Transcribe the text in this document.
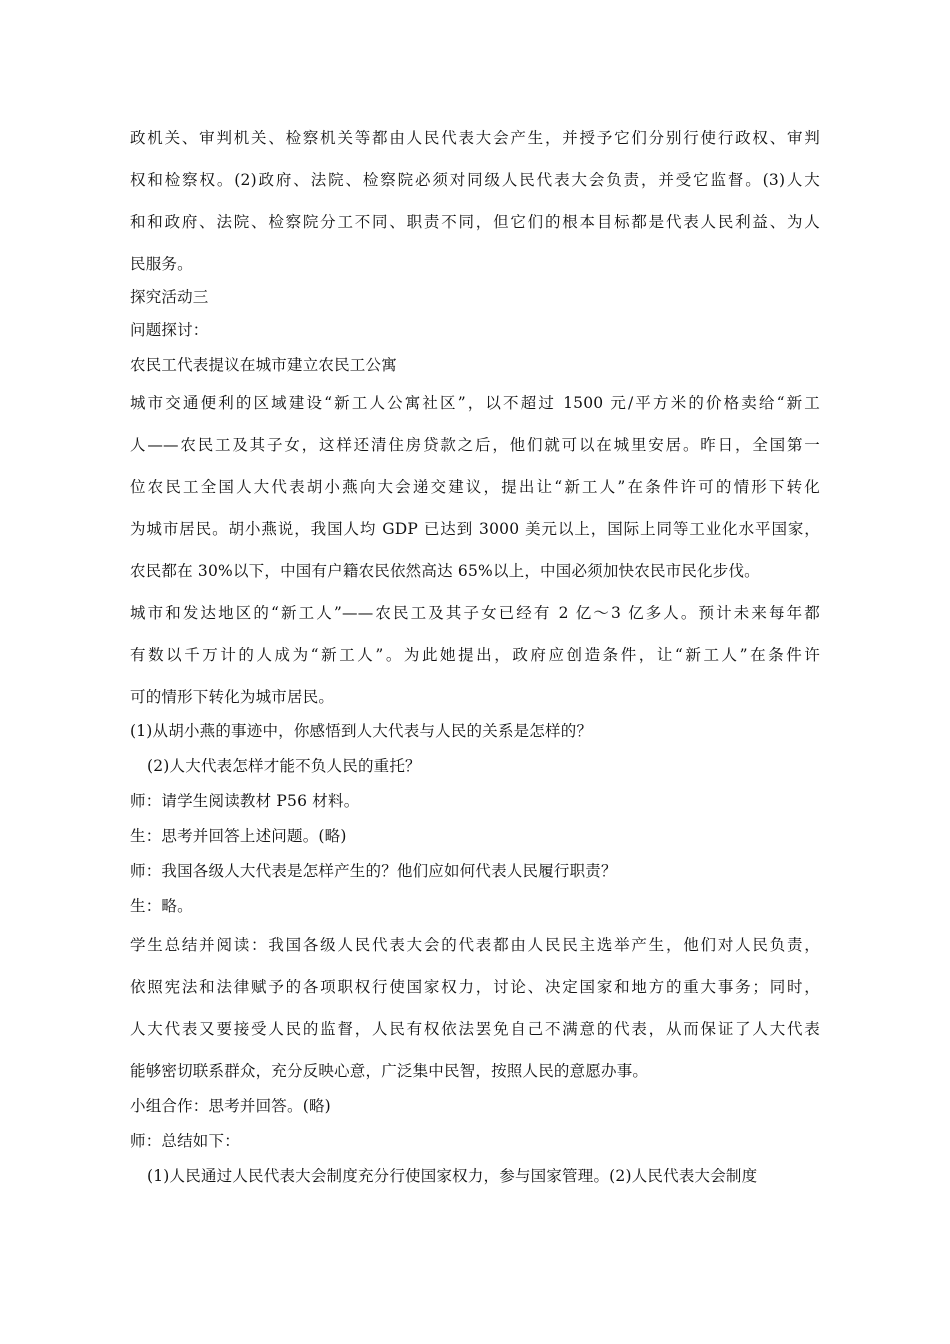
政机关、审判机关、检察机关等都由人民代表大会产生，并授予它们分别行使行政权、审判
权和检察权。(2)政府、法院、检察院必须对同级人民代表大会负责，并受它监督。(3)人大
和和政府、法院、检察院分工不同、职责不同，但它们的根本目标都是代表人民利益、为人
民服务。
探究活动三
问题探讨：
农民工代表提议在城市建立农民工公寓
城市交通便利的区域建设“新工人公寓社区”，以不超过 1500 元/平方米的价格卖给“新工
人——农民工及其子女，这样还清住房贷款之后，他们就可以在城里安居。昨日，全国第一
位农民工全国人大代表胡小燕向大会递交建议，提出让“新工人”在条件许可的情形下转化
为城市居民。胡小燕说，我国人均 GDP 已达到 3000 美元以上，国际上同等工业化水平国家，
农民都在 30%以下，中国有户籍农民依然高达 65%以上，中国必须加快农民市民化步伐。
城市和发达地区的“新工人”——农民工及其子女已经有 2 亿～3 亿多人。预计未来每年都
有数以千万计的人成为“新工人”。为此她提出，政府应创造条件，让“新工人”在条件许
可的情形下转化为城市居民。
(1)从胡小燕的事迹中，你感悟到人大代表与人民的关系是怎样的？
(2)人大代表怎样才能不负人民的重托？
师：请学生阅读教材 P56 材料。
生：思考并回答上述问题。(略)
师：我国各级人大代表是怎样产生的？他们应如何代表人民履行职责？
生：略。
学生总结并阅读：我国各级人民代表大会的代表都由人民民主选举产生，他们对人民负责，
依照宪法和法律赋予的各项职权行使国家权力，讨论、决定国家和地方的重大事务；同时，
人大代表又要接受人民的监督，人民有权依法罢免自己不满意的代表，从而保证了人大代表
能够密切联系群众，充分反映心意，广泛集中民智，按照人民的意愿办事。
小组合作：思考并回答。(略)
师：总结如下：
(1)人民通过人民代表大会制度充分行使国家权力，参与国家管理。(2)人民代表大会制度
